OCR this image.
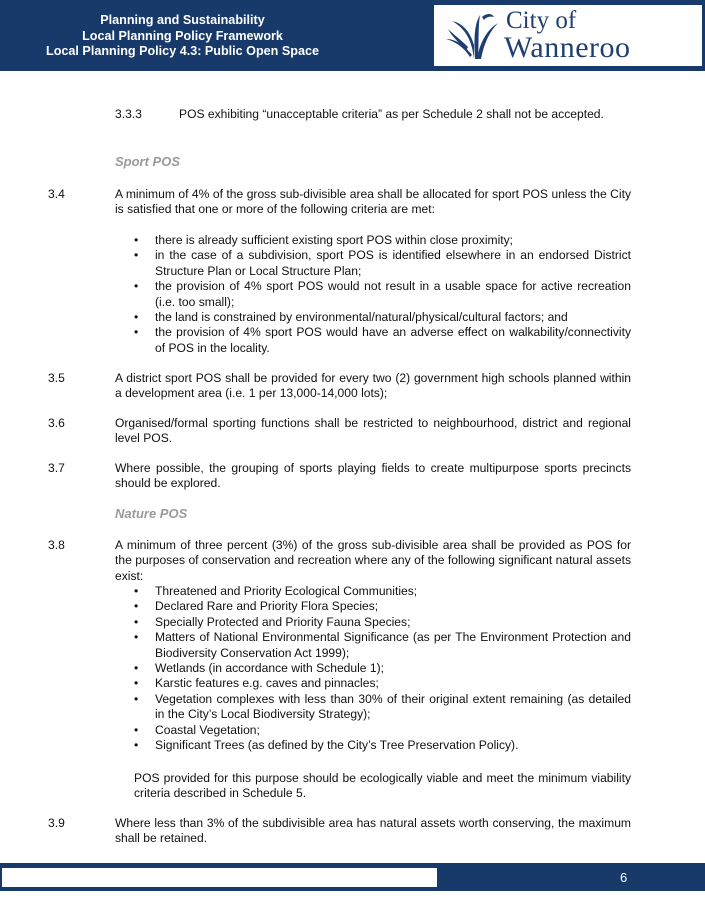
Planning and Sustainability
Local Planning Policy Framework
Local Planning Policy 4.3: Public Open Space
City of
Wanneroo
3.3.3	POS exhibiting “unacceptable criteria” as per Schedule 2 shall not be accepted.

Sport POS
3.4	A minimum of 4% of the gross sub-divisible area shall be allocated for sport POS unless the City is satisfied that one or more of the following criteria are met:

• there is already sufficient existing sport POS within close proximity;
• in the case of a subdivision, sport POS is identified elsewhere in an endorsed District Structure Plan or Local Structure Plan;
• the provision of 4% sport POS would not result in a usable space for active recreation (i.e. too small);
• the land is constrained by environmental/natural/physical/cultural factors; and
• the provision of 4% sport POS would have an adverse effect on walkability/connectivity of POS in the locality.
3.5	A district sport POS shall be provided for every two (2) government high schools planned within a development area (i.e. 1 per 13,000-14,000 lots);

3.6	Organised/formal sporting functions shall be restricted to neighbourhood, district and regional level POS.

3.7	Where possible, the grouping of sports playing fields to create multipurpose sports precincts should be explored.

Nature POS
3.8	A minimum of three percent (3%) of the gross sub-divisible area shall be provided as POS for the purposes of conservation and recreation where any of the following significant natural assets exist:

• Threatened and Priority Ecological Communities;
• Declared Rare and Priority Flora Species;
• Specially Protected and Priority Fauna Species;
• Matters of National Environmental Significance (as per The Environment Protection and Biodiversity Conservation Act 1999);
• Wetlands (in accordance with Schedule 1);
• Karstic features e.g. caves and pinnacles;
• Vegetation complexes with less than 30% of their original extent remaining (as detailed in the City’s Local Biodiversity Strategy);
• Coastal Vegetation;
• Significant Trees (as defined by the City’s Tree Preservation Policy).

POS provided for this purpose should be ecologically viable and meet the minimum viability criteria described in Schedule 5.

3.9	Where less than 3% of the subdivisible area has natural assets worth conserving, the maximum shall be retained.

6
